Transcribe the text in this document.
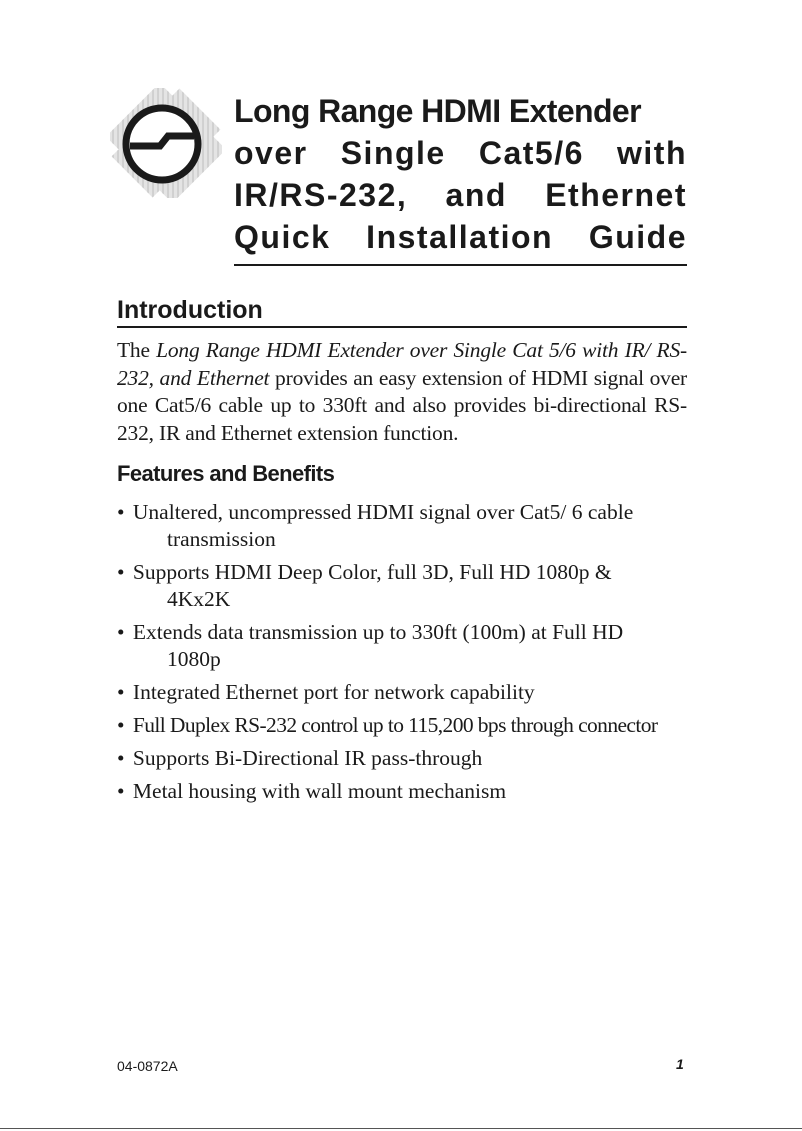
Long Range HDMI Extender
over Single Cat5/6 with
IR/RS-232, and Ethernet
Quick Installation Guide
Introduction

The Long Range HDMI Extender over Single Cat 5/6 with IR/ RS-232, and Ethernet provides an easy extension of HDMI signal over one Cat5/6 cable up to 330ft and also provides bi-directional RS-232, IR and Ethernet extension function.

Features and Benefits
• Unaltered, uncompressed HDMI signal over Cat5/ 6 cable transmission
• Supports HDMI Deep Color, full 3D, Full HD 1080p & 4Kx2K
• Extends data transmission up to 330ft (100m) at Full HD 1080p
• Integrated Ethernet port for network capability
• Full Duplex RS-232 control up to 115,200 bps through connector
• Supports Bi-Directional IR pass-through
• Metal housing with wall mount mechanism
04-0872A	1
